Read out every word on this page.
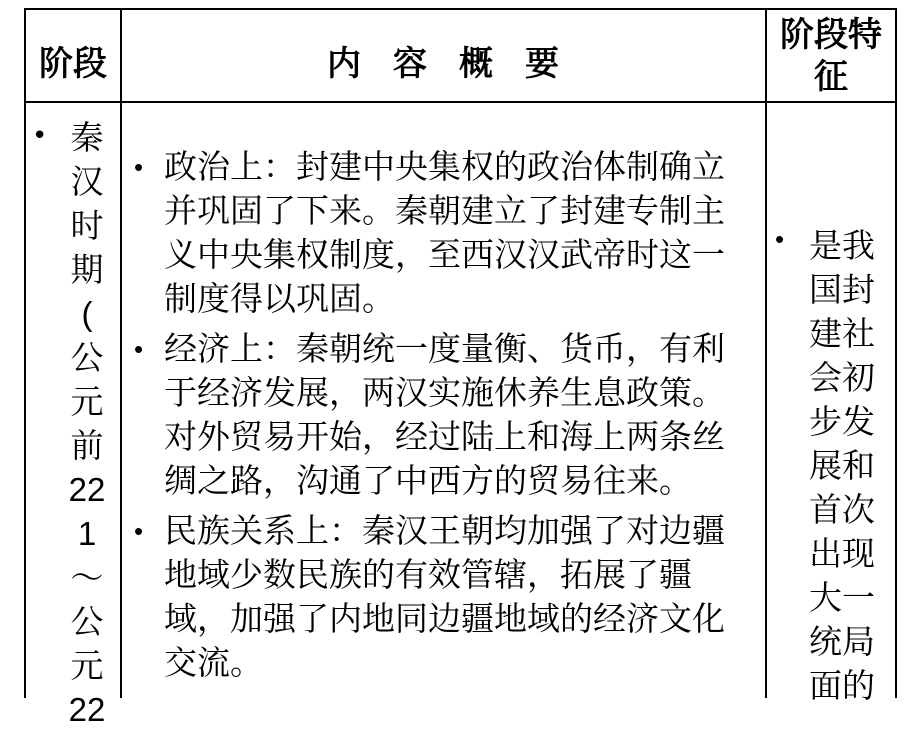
阶段	内容概要
阶段特征
• 秦
汉
时
期
(
公
元
前
22
1
～
公
元
22
• 政治上：封建中央集权的政治体制确立并巩固了下来。秦朝建立了封建专制主义中央集权制度，至西汉汉武帝时这一制度得以巩固。
• 经济上：秦朝统一度量衡、货币，有利于经济发展，两汉实施休养生息政策。对外贸易开始，经过陆上和海上两条丝绸之路，沟通了中西方的贸易往来。
• 民族关系上：秦汉王朝均加强了对边疆地域少数民族的有效管辖，拓展了疆域，加强了内地同边疆地域的经济文化交流。
• 是我国封建社会初步发展和首次出现大一统局面的
